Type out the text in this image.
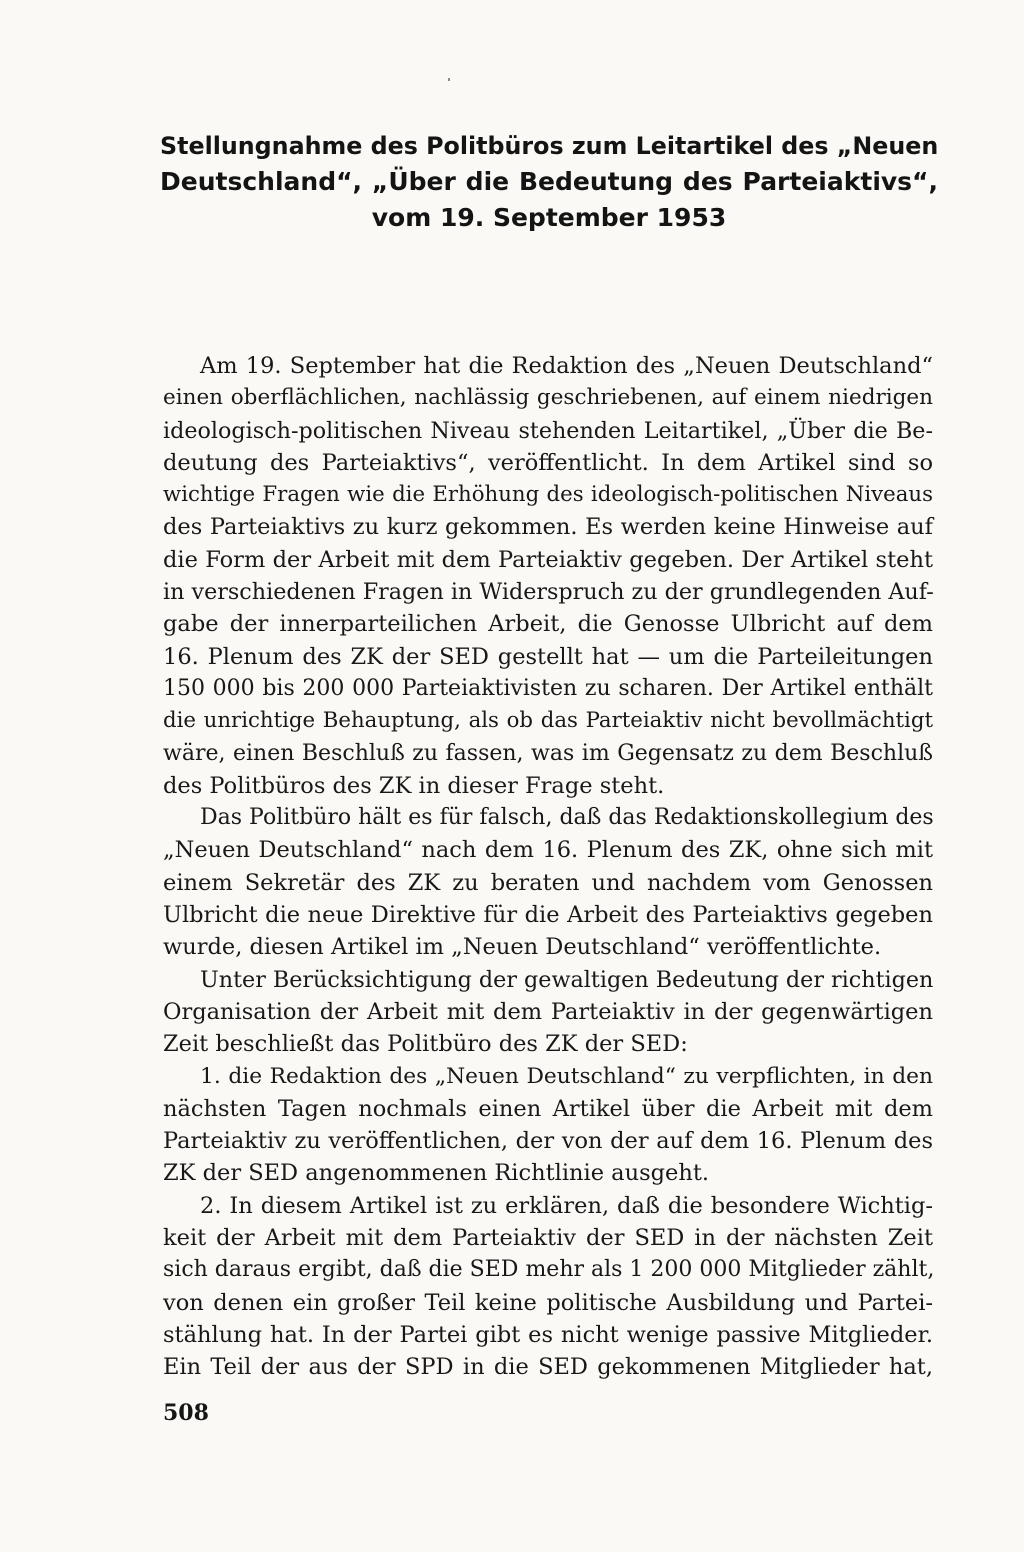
Stellungnahme des Politbüros zum Leitartikel des „Neuen
Deutschland“, „Über die Bedeutung des Parteiaktivs“,
vom 19. September 1953
Am 19. September hat die Redaktion des „Neuen Deutschland“
einen oberflächlichen, nachlässig geschriebenen, auf einem niedrigen
ideologisch-politischen Niveau stehenden Leitartikel, „Über die Be-
deutung des Parteiaktivs“, veröffentlicht. In dem Artikel sind so
wichtige Fragen wie die Erhöhung des ideologisch-politischen Niveaus
des Parteiaktivs zu kurz gekommen. Es werden keine Hinweise auf
die Form der Arbeit mit dem Parteiaktiv gegeben. Der Artikel steht
in verschiedenen Fragen in Widerspruch zu der grundlegenden Auf-
gabe der innerparteilichen Arbeit, die Genosse Ulbricht auf dem
16. Plenum des ZK der SED gestellt hat — um die Parteileitungen
150 000 bis 200 000 Parteiaktivisten zu scharen. Der Artikel enthält
die unrichtige Behauptung, als ob das Parteiaktiv nicht bevollmächtigt
wäre, einen Beschluß zu fassen, was im Gegensatz zu dem Beschluß
des Politbüros des ZK in dieser Frage steht.
Das Politbüro hält es für falsch, daß das Redaktionskollegium des
„Neuen Deutschland“ nach dem 16. Plenum des ZK, ohne sich mit
einem Sekretär des ZK zu beraten und nachdem vom Genossen
Ulbricht die neue Direktive für die Arbeit des Parteiaktivs gegeben
wurde, diesen Artikel im „Neuen Deutschland“ veröffentlichte.
Unter Berücksichtigung der gewaltigen Bedeutung der richtigen
Organisation der Arbeit mit dem Parteiaktiv in der gegenwärtigen
Zeit beschließt das Politbüro des ZK der SED:
1. die Redaktion des „Neuen Deutschland“ zu verpflichten, in den
nächsten Tagen nochmals einen Artikel über die Arbeit mit dem
Parteiaktiv zu veröffentlichen, der von der auf dem 16. Plenum des
ZK der SED angenommenen Richtlinie ausgeht.
2. In diesem Artikel ist zu erklären, daß die besondere Wichtig-
keit der Arbeit mit dem Parteiaktiv der SED in der nächsten Zeit
sich daraus ergibt, daß die SED mehr als 1 200 000 Mitglieder zählt,
von denen ein großer Teil keine politische Ausbildung und Partei-
stählung hat. In der Partei gibt es nicht wenige passive Mitglieder.
Ein Teil der aus der SPD in die SED gekommenen Mitglieder hat,
508
